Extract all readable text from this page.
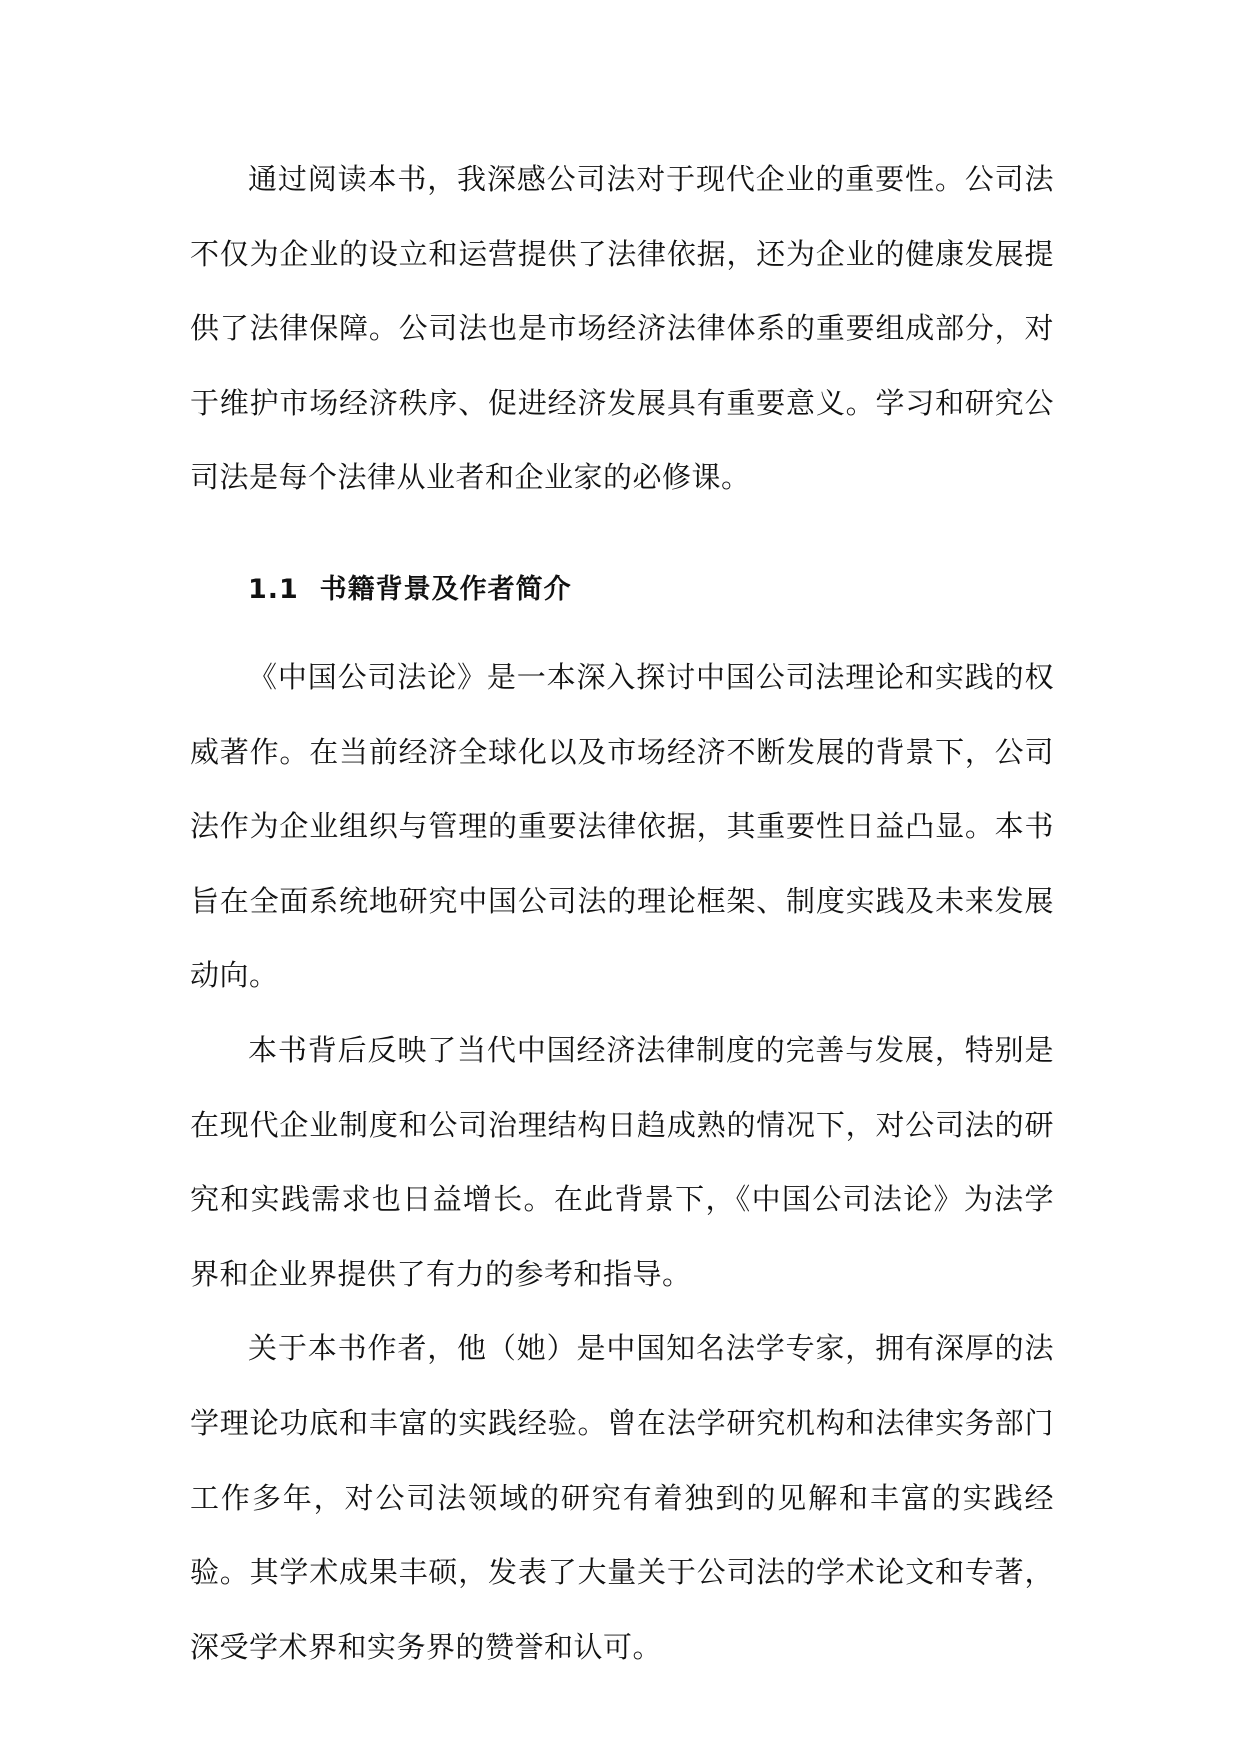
通过阅读本书，我深感公司法对于现代企业的重要性。公司法不仅为企业的设立和运营提供了法律依据，还为企业的健康发展提供了法律保障。公司法也是市场经济法律体系的重要组成部分，对于维护市场经济秩序、促进经济发展具有重要意义。学习和研究公司法是每个法律从业者和企业家的必修课。

1.1 书籍背景及作者简介

《中国公司法论》是一本深入探讨中国公司法理论和实践的权威著作。在当前经济全球化以及市场经济不断发展的背景下，公司法作为企业组织与管理的重要法律依据，其重要性日益凸显。本书旨在全面系统地研究中国公司法的理论框架、制度实践及未来发展动向。

本书背后反映了当代中国经济法律制度的完善与发展，特别是在现代企业制度和公司治理结构日趋成熟的情况下，对公司法的研究和实践需求也日益增长。在此背景下，《中国公司法论》为法学界和企业界提供了有力的参考和指导。

关于本书作者，他（她）是中国知名法学专家，拥有深厚的法学理论功底和丰富的实践经验。曾在法学研究机构和法律实务部门工作多年，对公司法领域的研究有着独到的见解和丰富的实践经验。其学术成果丰硕，发表了大量关于公司法的学术论文和专著，深受学术界和实务界的赞誉和认可。
